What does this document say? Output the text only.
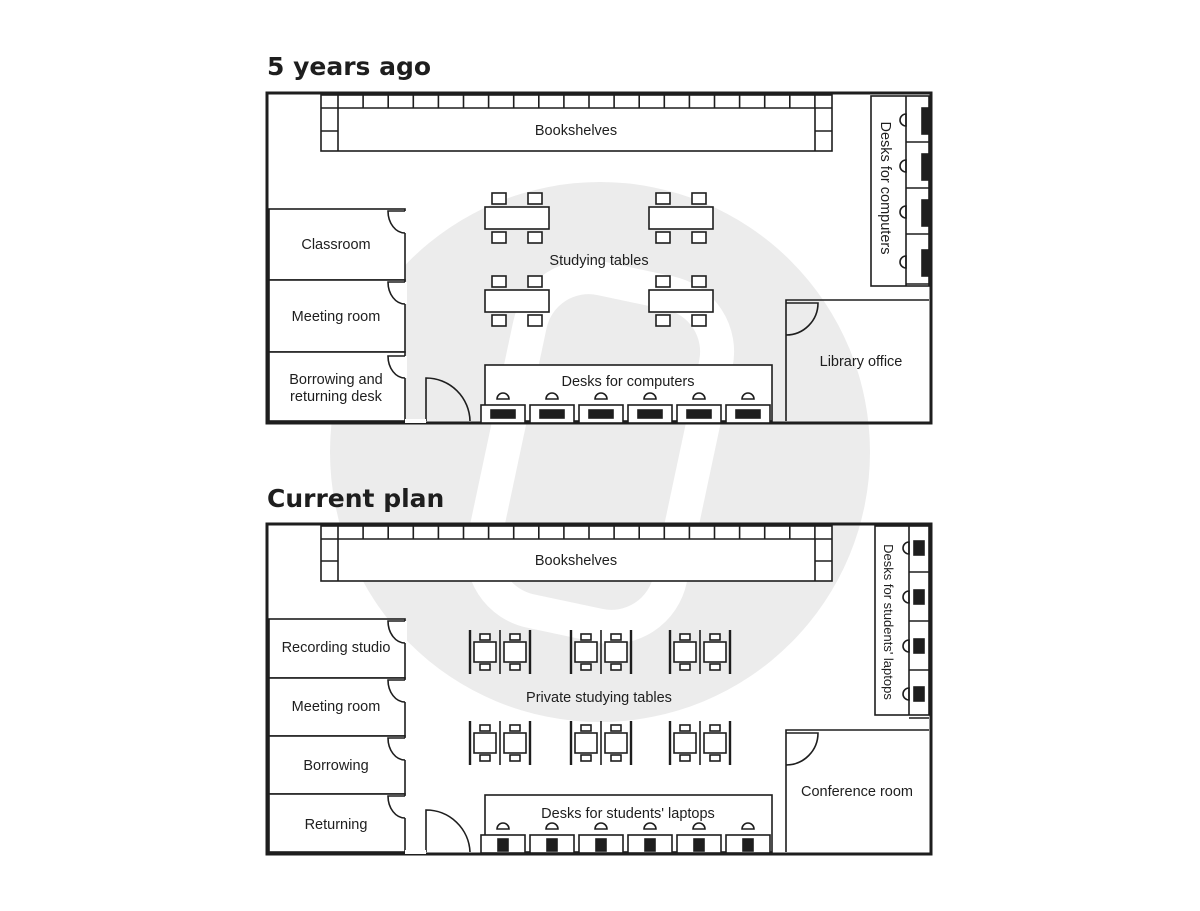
Bookshelves	Desks for computers
Classroom
Meeting room
Borrowing and
returning desk
Studying tables
Desks for computers
Library office
Bookshelves	Desks for students' laptops
Recording studio
Meeting room
Borrowing
Returning
Private studying tables
Desks for students' laptops
Conference room
5 years ago
Current plan
